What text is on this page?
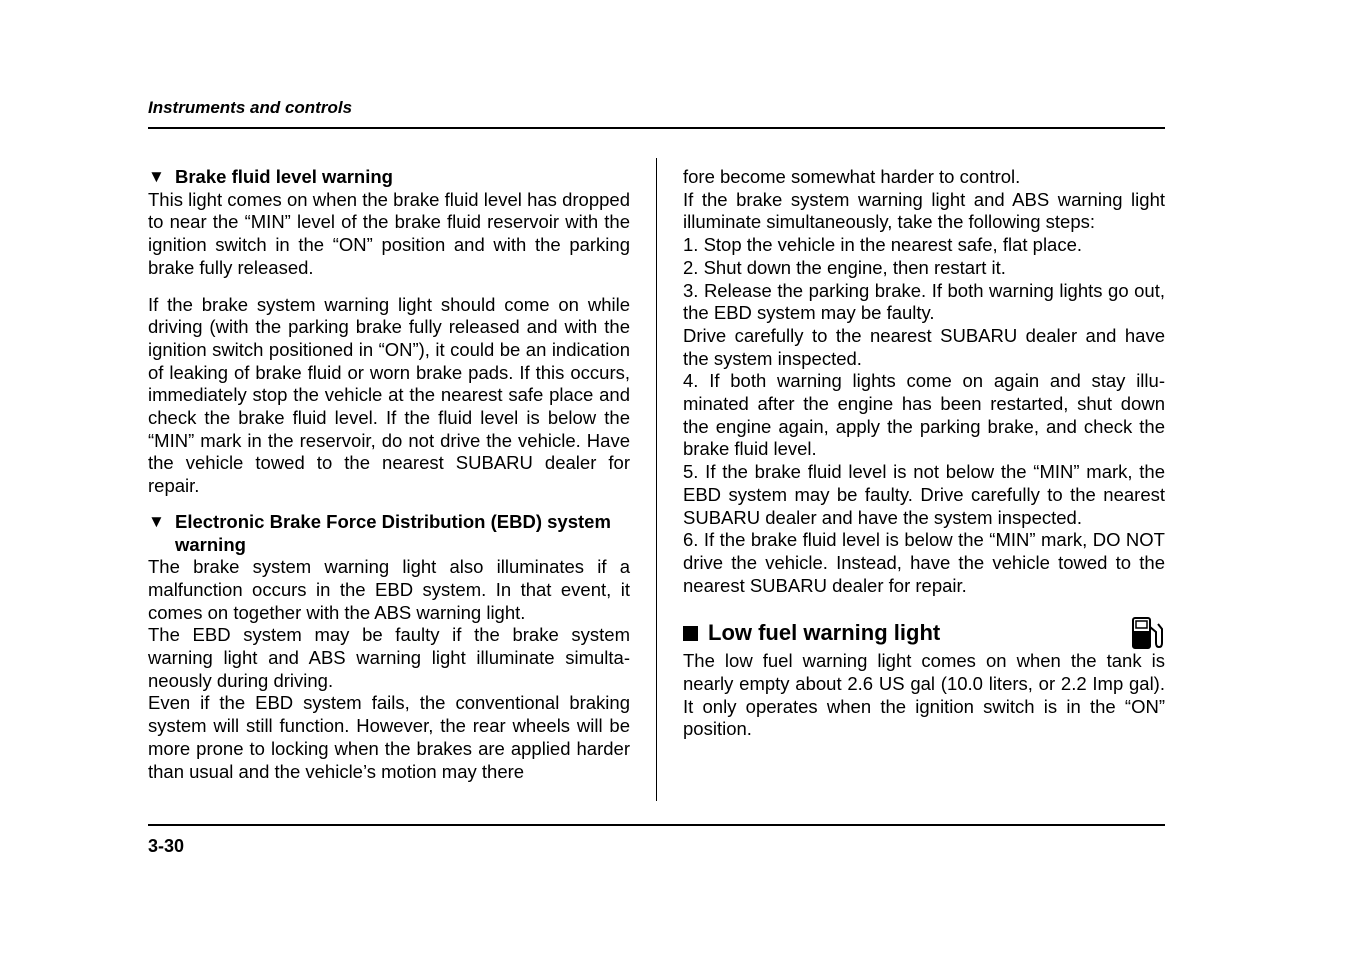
Instruments and controls
▼ Brake fluid level warning

This light comes on when the brake fluid level has dropped to near the “MIN” level of the brake fluid reservoir with the ignition switch in the “ON” position and with the parking brake fully released.

If the brake system warning light should come on while driving (with the parking brake fully released and with the ignition switch positioned in “ON”), it could be an indication of leaking of brake fluid or worn brake pads. If this occurs, immediately stop the vehicle at the nearest safe place and check the brake fluid level. If the fluid level is below the “MIN” mark in the reservoir, do not drive the vehicle. Have the vehicle towed to the nearest SUBARU dealer for repair.

▼ Electronic Brake Force Distribution (EBD) system warning

The brake system warning light also illuminates if a malfunction occurs in the EBD system. In that event, it comes on together with the ABS warning light.

The EBD system may be faulty if the brake system warning light and ABS warning light illuminate simultaneously during driving.

Even if the EBD system fails, the conventional braking system will still function. However, the rear wheels will be more prone to locking when the brakes are applied harder than usual and the vehicle’s motion may there

fore become somewhat harder to control.

If the brake system warning light and ABS warning light illuminate simultaneously, take the following steps:

1. Stop the vehicle in the nearest safe, flat place.

2. Shut down the engine, then restart it.

3. Release the parking brake. If both warning lights go out, the EBD system may be faulty.

Drive carefully to the nearest SUBARU dealer and have the system inspected.

4. If both warning lights come on again and stay illuminated after the engine has been restarted, shut down the engine again, apply the parking brake, and check the brake fluid level.

5. If the brake fluid level is not below the “MIN” mark, the EBD system may be faulty. Drive carefully to the nearest SUBARU dealer and have the system inspected.

6. If the brake fluid level is below the “MIN” mark, DO NOT drive the vehicle. Instead, have the vehicle towed to the nearest SUBARU dealer for repair.

Low fuel warning light

The low fuel warning light comes on when the tank is nearly empty about 2.6 US gal (10.0 liters, or 2.2 Imp gal). It only operates when the ignition switch is in the “ON” position.

3-30
